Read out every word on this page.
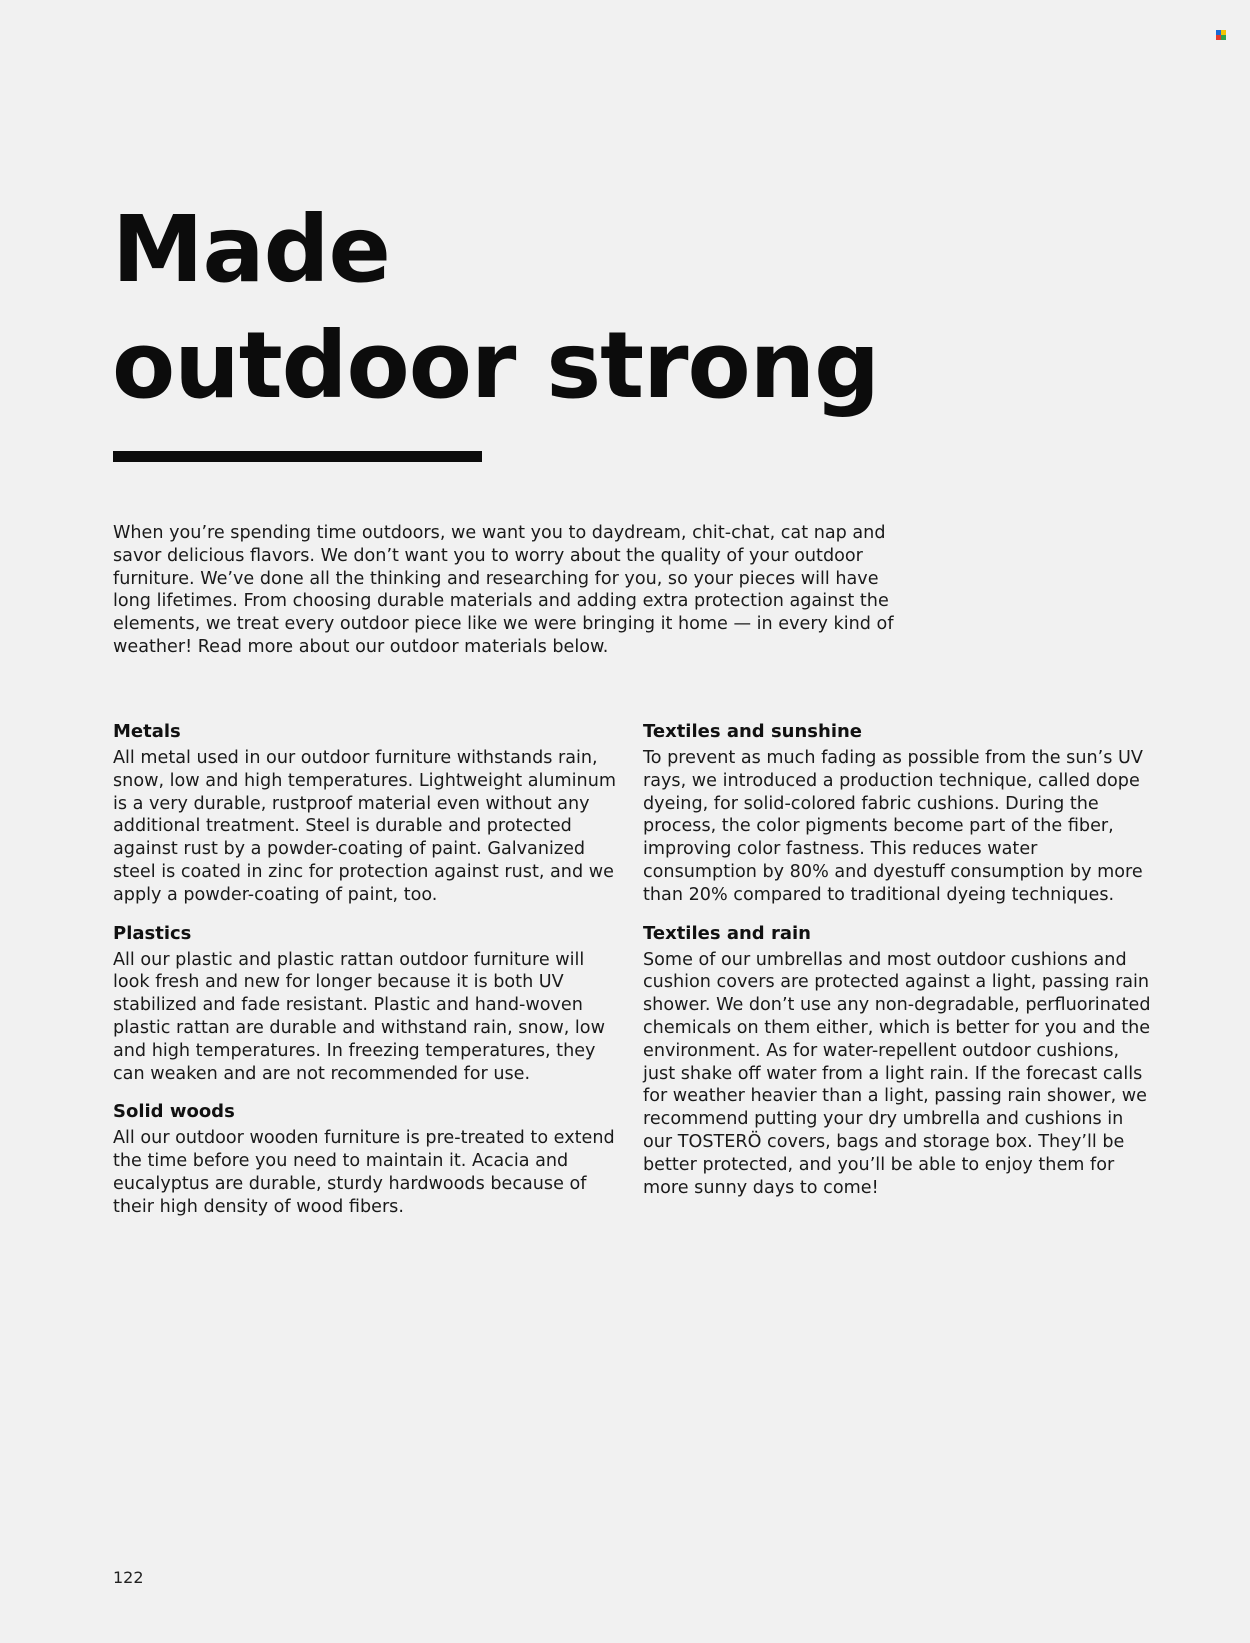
Made
outdoor strong

When you’re spending time outdoors, we want you to daydream, chit-chat, cat nap and savor delicious flavors. We don’t want you to worry about the quality of your outdoor furniture. We’ve done all the thinking and researching for you, so your pieces will have long lifetimes. From choosing durable materials and adding extra protection against the elements, we treat every outdoor piece like we were bringing it home — in every kind of weather! Read more about our outdoor materials below.

Metals

All metal used in our outdoor furniture withstands rain, snow, low and high temperatures. Lightweight aluminum is a very durable, rustproof material even without any additional treatment. Steel is durable and protected against rust by a powder-coating of paint. Galvanized steel is coated in zinc for protection against rust, and we apply a powder-coating of paint, too.

Plastics

All our plastic and plastic rattan outdoor furniture will look fresh and new for longer because it is both UV stabilized and fade resistant. Plastic and hand-woven plastic rattan are durable and withstand rain, snow, low and high temperatures. In freezing temperatures, they can weaken and are not recommended for use.

Solid woods

All our outdoor wooden furniture is pre-treated to extend the time before you need to maintain it. Acacia and eucalyptus are durable, sturdy hardwoods because of their high density of wood fibers.

Textiles and sunshine

To prevent as much fading as possible from the sun’s UV rays, we introduced a production technique, called dope dyeing, for solid-colored fabric cushions. During the process, the color pigments become part of the fiber, improving color fastness. This reduces water consumption by 80% and dyestuff consumption by more than 20% compared to traditional dyeing techniques.

Textiles and rain

Some of our umbrellas and most outdoor cushions and cushion covers are protected against a light, passing rain shower. We don’t use any non-degradable, perfluorinated chemicals on them either, which is better for you and the environment. As for water-repellent outdoor cushions, just shake off water from a light rain. If the forecast calls for weather heavier than a light, passing rain shower, we recommend putting your dry umbrella and cushions in our TOSTERÖ covers, bags and storage box. They’ll be better protected, and you’ll be able to enjoy them for more sunny days to come!

122
